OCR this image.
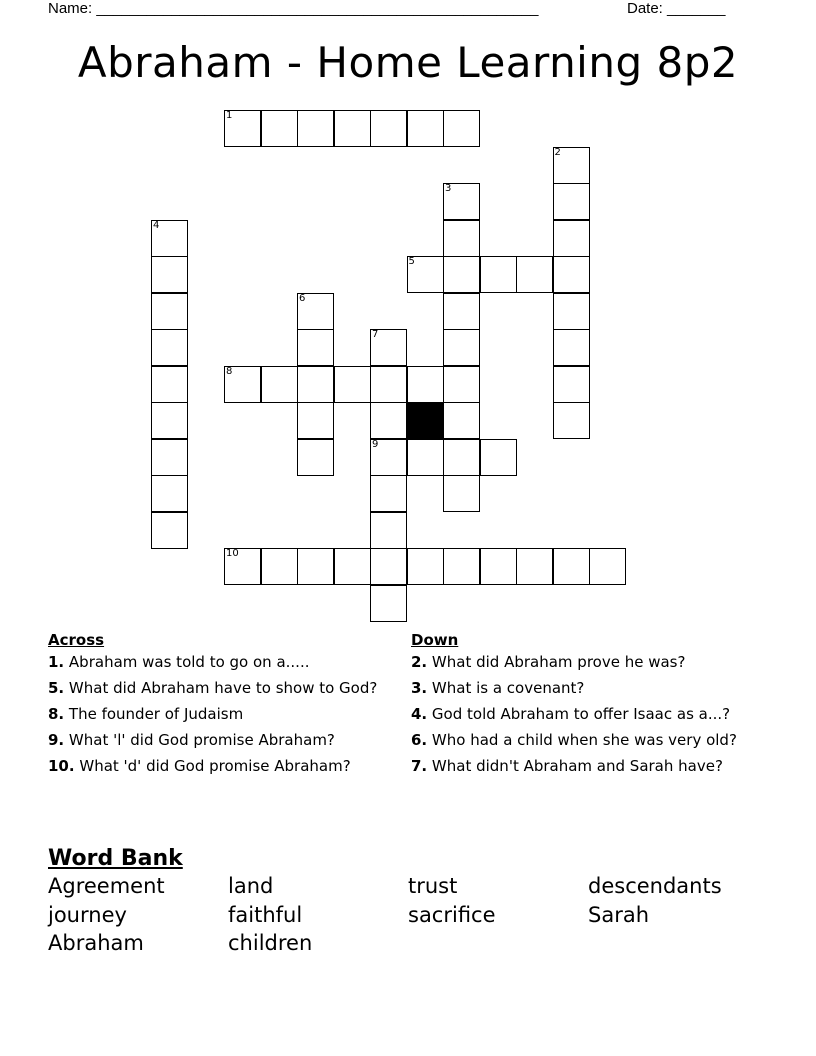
Name: _____________________________________________________	Date: _______
Abraham - Home Learning 8p2
1
2
3
4
5
6
7
9
8
10
Across
1. Abraham was told to go on a.....
5. What did Abraham have to show to God?
8. The founder of Judaism
9. What 'l' did God promise Abraham?
10. What 'd' did God promise Abraham?
Down
2. What did Abraham prove he was?
3. What is a covenant?
4. God told Abraham to offer Isaac as a...?
6. Who had a child when she was very old?
7. What didn't Abraham and Sarah have?
Word Bank
Agreement	land	trust	descendants
journey	faithful	sacrifice	Sarah
Abraham	children
